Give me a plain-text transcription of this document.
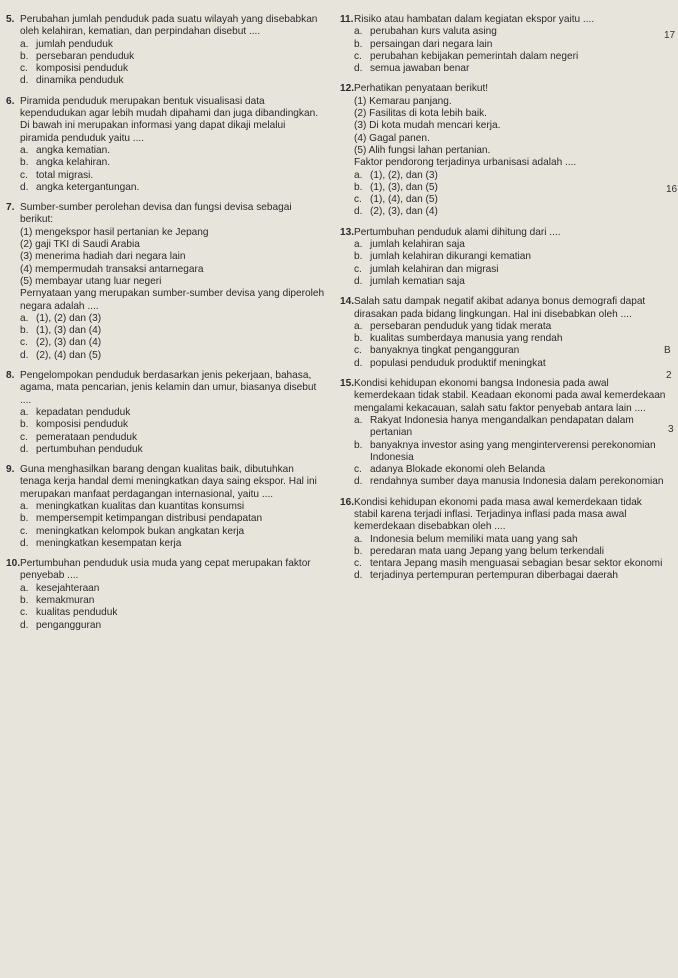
5. Perubahan jumlah penduduk pada suatu wilayah yang disebabkan oleh kelahiran, kematian, dan perpindahan disebut ....
a. jumlah penduduk
b. persebaran penduduk
c. komposisi penduduk
d. dinamika penduduk
6. Piramida penduduk merupakan bentuk visualisasi data kependudukan agar lebih mudah dipahami dan juga dibandingkan. Di bawah ini merupakan informasi yang dapat dikaji melalui piramida penduduk yaitu ....
a. angka kematian.
b. angka kelahiran.
c. total migrasi.
d. angka ketergantungan.
7. Sumber-sumber perolehan devisa dan fungsi devisa sebagai berikut:
(1) mengekspor hasil pertanian ke Jepang
(2) gaji TKI di Saudi Arabia
(3) menerima hadiah dari negara lain
(4) mempermudah transaksi antarnegara
(5) membayar utang luar negeri
Pernyataan yang merupakan sumber-sumber devisa yang diperoleh negara adalah ....
a. (1), (2) dan (3)
b. (1), (3) dan (4)
c. (2), (3) dan (4)
d. (2), (4) dan (5)
8. Pengelompokan penduduk berdasarkan jenis pekerjaan, bahasa, agama, mata pencarian, jenis kelamin dan umur, biasanya disebut ....
a. kepadatan penduduk
b. komposisi penduduk
c. pemerataan penduduk
d. pertumbuhan penduduk
9. Guna menghasilkan barang dengan kualitas baik, dibutuhkan tenaga kerja handal demi meningkatkan daya saing ekspor. Hal ini merupakan manfaat perdagangan internasional, yaitu ....
a. meningkatkan kualitas dan kuantitas konsumsi
b. mempersempit ketimpangan distribusi pendapatan
c. meningkatkan kelompok bukan angkatan kerja
d. meningkatkan kesempatan kerja
10. Pertumbuhan penduduk usia muda yang cepat merupakan faktor penyebab ....
a. kesejahteraan
b. kemakmuran
c. kualitas penduduk
d. pengangguran
11. Risiko atau hambatan dalam kegiatan ekspor yaitu ....
a. perubahan kurs valuta asing
b. persaingan dari negara lain
c. perubahan kebijakan pemerintah dalam negeri
d. semua jawaban benar
12. Perhatikan penyataan berikut!
(1) Kemarau panjang.
(2) Fasilitas di kota lebih baik.
(3) Di kota mudah mencari kerja.
(4) Gagal panen.
(5) Alih fungsi lahan pertanian.
Faktor pendorong terjadinya urbanisasi adalah ....
a. (1), (2), dan (3)
b. (1), (3), dan (5)
c. (1), (4), dan (5)
d. (2), (3), dan (4)
13. Pertumbuhan penduduk alami dihitung dari ....
a. jumlah kelahiran saja
b. jumlah kelahiran dikurangi kematian
c. jumlah kelahiran dan migrasi
d. jumlah kematian saja
14. Salah satu dampak negatif akibat adanya bonus demografi dapat dirasakan pada bidang lingkungan. Hal ini disebabkan oleh ....
a. persebaran penduduk yang tidak merata
b. kualitas sumberdaya manusia yang rendah
c. banyaknya tingkat pengangguran
d. populasi penduduk produktif meningkat
15. Kondisi kehidupan ekonomi bangsa Indonesia pada awal kemerdekaan tidak stabil. Keadaan ekonomi pada awal kemerdekaan mengalami kekacauan, salah satu faktor penyebab antara lain ....
a. Rakyat Indonesia hanya mengandalkan pendapatan dalam pertanian
b. banyaknya investor asing yang menginterverensi perekonomian Indonesia
c. adanya Blokade ekonomi oleh Belanda
d. rendahnya sumber daya manusia Indonesia dalam perekonomian
16. Kondisi kehidupan ekonomi pada masa awal kemerdekaan tidak stabil karena terjadi inflasi. Terjadinya inflasi pada masa awal kemerdekaan disebabkan oleh ....
a. Indonesia belum memiliki mata uang yang sah
b. peredaran mata uang Jepang yang belum terkendali
c. tentara Jepang masih menguasai sebagian besar sektor ekonomi
d. terjadinya pertempuran pertempuran diberbagai daerah
17
16
B
2
3
